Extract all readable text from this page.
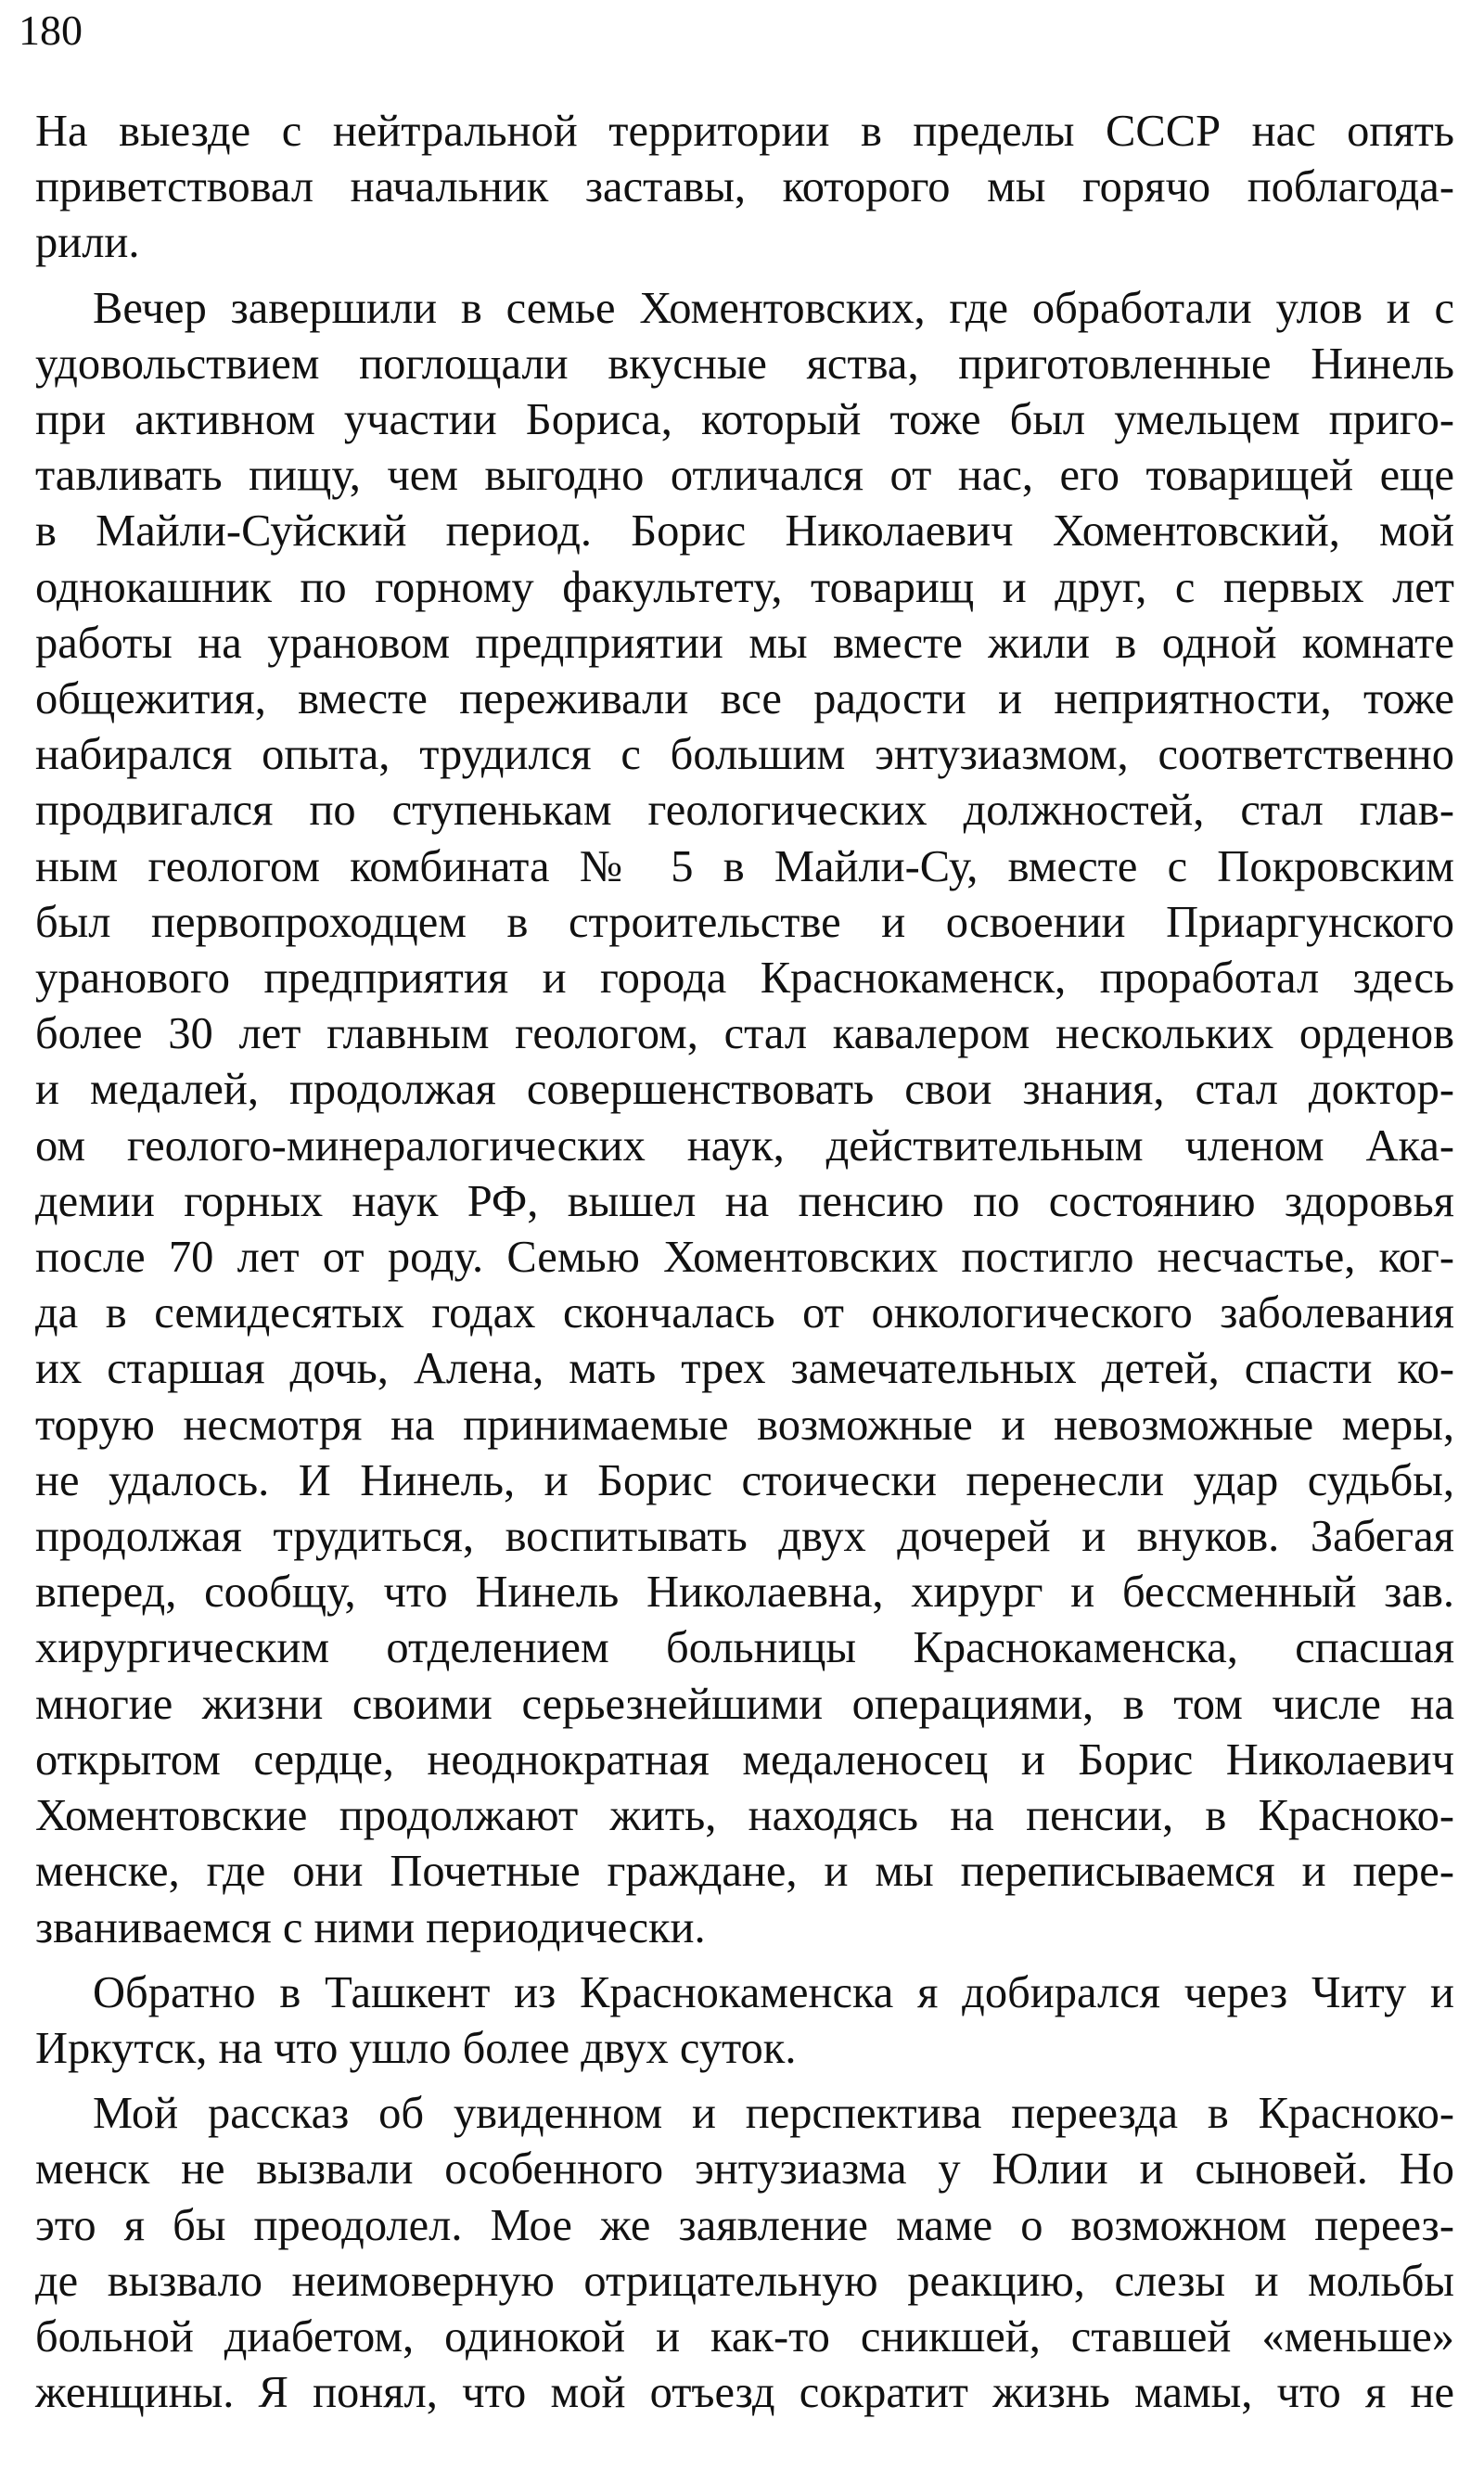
180

На выезде с нейтральной территории в пределы СССР нас опять
приветствовал начальник заставы, которого мы горячо поблагода-
рили.

Вечер завершили в семье Хоментовских, где обработали улов и с
удовольствием поглощали вкусные яства, приготовленные Нинель
при активном участии Бориса, который тоже был умельцем приго-
тавливать пищу, чем выгодно отличался от нас, его товарищей еще
в Майли-Суйский период. Борис Николаевич Хоментовский, мой
однокашник по горному факультету, товарищ и друг, с первых лет
работы на урановом предприятии мы вместе жили в одной комнате
общежития, вместе переживали все радости и неприятности, тоже
набирался опыта, трудился с большим энтузиазмом, соответственно
продвигался по ступенькам геологических должностей, стал глав-
ным геологом комбината № 5 в Майли-Су, вместе с Покровским
был первопроходцем в строительстве и освоении Приаргунского
уранового предприятия и города Краснокаменск, проработал здесь
более 30 лет главным геологом, стал кавалером нескольких орденов
и медалей, продолжая совершенствовать свои знания, стал доктор-
ом геолого-минералогических наук, действительным членом Ака-
демии горных наук РФ, вышел на пенсию по состоянию здоровья
после 70 лет от роду. Семью Хоментовских постигло несчастье, ког-
да в семидесятых годах скончалась от онкологического заболевания
их старшая дочь, Алена, мать трех замечательных детей, спасти ко-
торую несмотря на принимаемые возможные и невозможные меры,
не удалось. И Нинель, и Борис стоически перенесли удар судьбы,
продолжая трудиться, воспитывать двух дочерей и внуков. Забегая
вперед, сообщу, что Нинель Николаевна, хирург и бессменный зав.
хирургическим отделением больницы Краснокаменска, спасшая
многие жизни своими серьезнейшими операциями, в том числе на
открытом сердце, неоднократная медаленосец и Борис Николаевич
Хоментовские продолжают жить, находясь на пенсии, в Красноко-
менске, где они Почетные граждане, и мы переписываемся и пере-
званиваемся с ними периодически.

Обратно в Ташкент из Краснокаменска я добирался через Читу и
Иркутск, на что ушло более двух суток.

Мой рассказ об увиденном и перспектива переезда в Красноко-
менск не вызвали особенного энтузиазма у Юлии и сыновей. Но
это я бы преодолел. Мое же заявление маме о возможном переез-
де вызвало неимоверную отрицательную реакцию, слезы и мольбы
больной диабетом, одинокой и как-то сникшей, ставшей «меньше»
женщины. Я понял, что мой отъезд сократит жизнь мамы, что я не
